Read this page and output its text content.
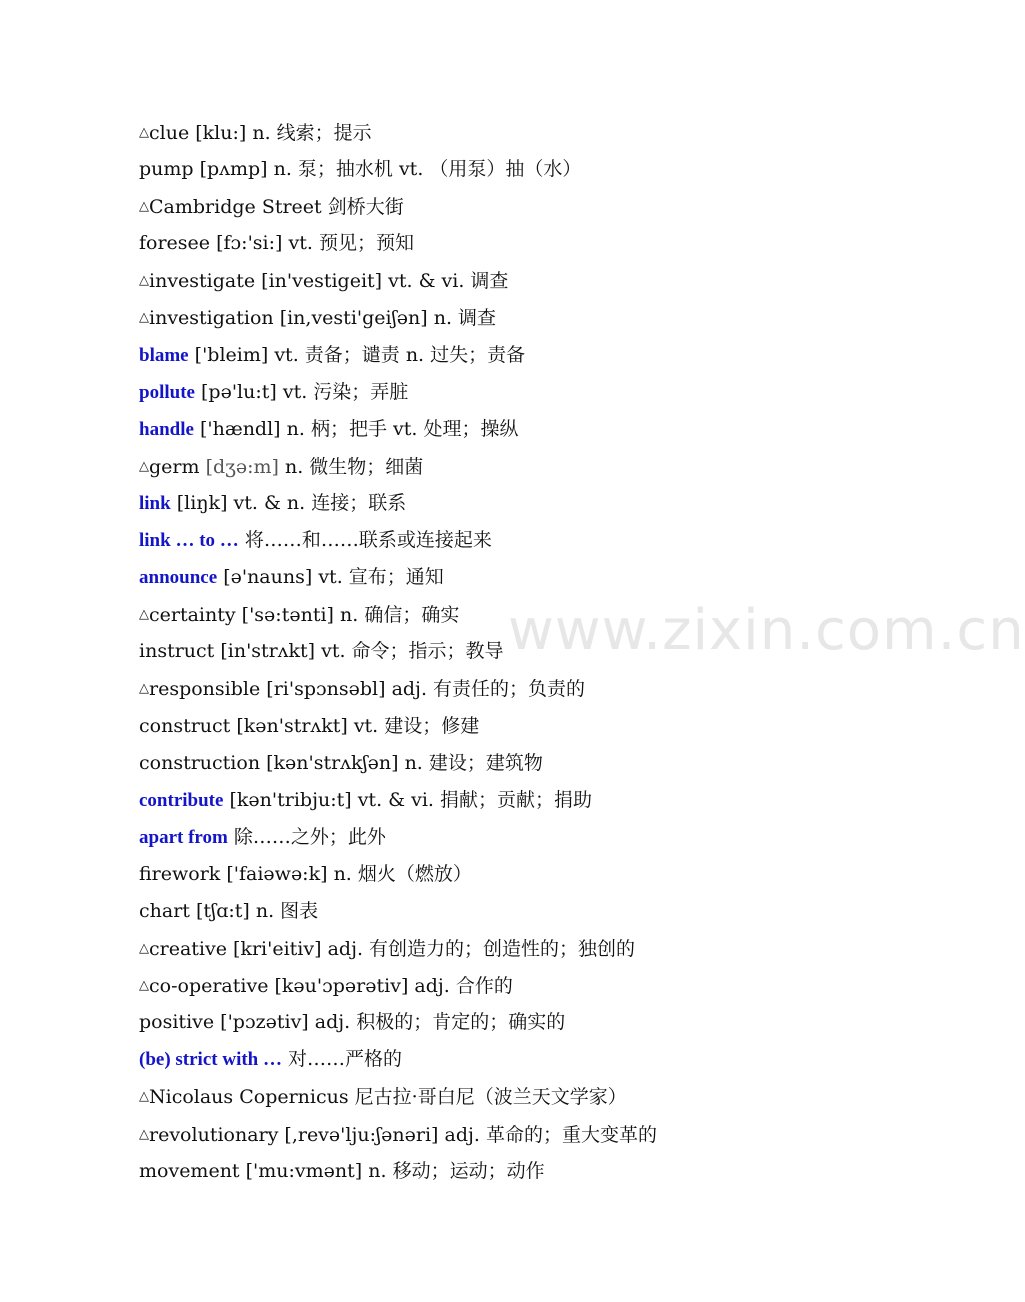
△clue [klu:] n. 线索；提示
pump [pʌmp] n. 泵；抽水机 vt. （用泵）抽（水）
△Cambridge Street 剑桥大街
foresee [fɔ:'si:] vt. 预见；预知
△investigate [in'vestigeit] vt. & vi. 调查
△investigation [in,vesti'geiʃən] n. 调查
blame ['bleim] vt. 责备；谴责 n. 过失；责备
pollute [pə'lu:t] vt. 污染；弄脏
handle ['hændl] n. 柄；把手 vt. 处理；操纵
△germ [dʒə:m] n. 微生物；细菌
link [liŋk] vt. & n. 连接；联系
link … to … 将……和……联系或连接起来
announce [ə'nauns] vt. 宣布；通知
△certainty ['sə:tənti] n. 确信；确实
instruct [in'strʌkt] vt. 命令；指示；教导
△responsible [ri'spɔnsəbl] adj. 有责任的；负责的
construct [kən'strʌkt] vt. 建设；修建
construction [kən'strʌkʃən] n. 建设；建筑物
contribute [kən'tribju:t] vt. & vi. 捐献；贡献；捐助
apart from 除……之外；此外
firework ['faiəwə:k] n. 烟火（燃放）
chart [tʃɑ:t] n. 图表
△creative [kri'eitiv] adj. 有创造力的；创造性的；独创的
△co-operative [kəu'ɔpərətiv] adj. 合作的
positive ['pɔzətiv] adj. 积极的；肯定的；确实的
(be) strict with … 对……严格的
△Nicolaus Copernicus 尼古拉·哥白尼（波兰天文学家）
△revolutionary [,revə'lju:ʃənəri] adj. 革命的；重大变革的
movement ['mu:vmənt] n. 移动；运动；动作
www.zixin.com.cn
